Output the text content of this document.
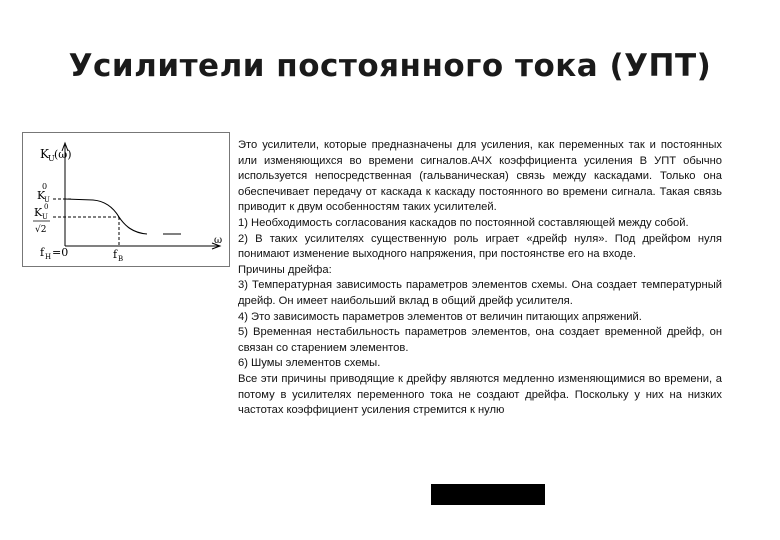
Усилители постоянного тока (УПТ)
K U (ω)
0
K
U
0
K U
√2
ω
f H =0	f B

Это усилители, которые предназначены для усиления, как переменных так и постоянных или изменяющихся во времени сигналов.АЧХ коэффициента усиления В УПТ обычно используется непосредственная (гальваническая) связь между каскадами. Только она обеспечивает передачу от каскада к каскаду постоянного во времени сигнала. Такая связь приводит к двум особенностям таких усилителей.

1) Необходимость согласования каскадов по постоянной составляющей между собой.

2) В таких усилителях существенную роль играет «дрейф нуля». Под дрейфом нуля понимают изменение выходного напряжения, при постоянстве его на входе.

Причины дрейфа:

3) Температурная зависимость параметров элементов схемы. Она создает температурный дрейф. Он имеет наибольший вклад в общий дрейф усилителя.

4) Это зависимость параметров элементов от величин питающих апряжений.

5) Временная нестабильность параметров элементов, она создает временной дрейф, он связан со старением элементов.

6) Шумы элементов схемы.

Все эти причины приводящие к дрейфу являются медленно изменяющимися во времени, а потому в усилителях переменного тока не создают дрейфа. Поскольку у них на низких частотах коэффициент усиления стремится к нулю
